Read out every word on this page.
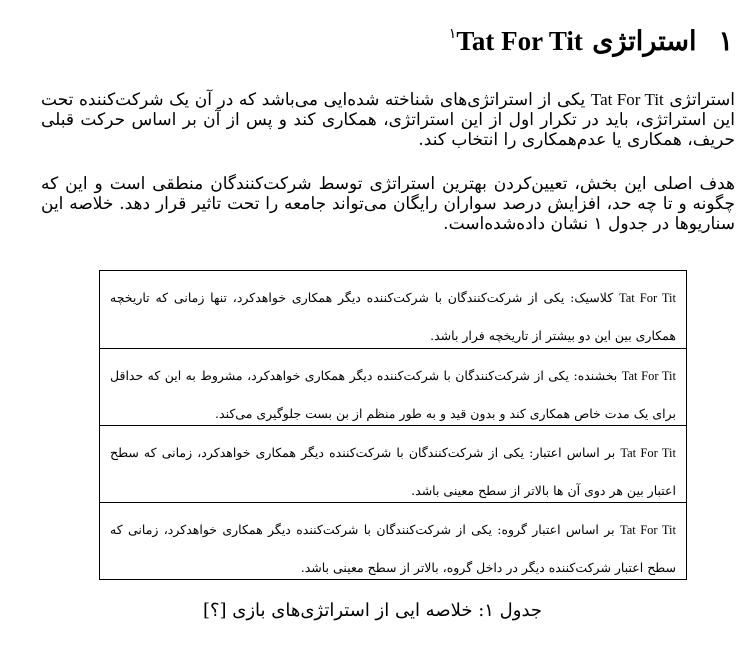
۱استراتژی Tat For Tit$^۱$

استراتژی Tat For Tit یکی از استراتژی‌های شناخته شده‌ایی می‌باشد که در آن یک شرکت‌کننده تحت این استراتژی، باید در تکرار اول از این استراتژی، همکاری کند و پس از آن بر اساس حرکت قبلی حریف، همکاری یا عدم‌همکاری را انتخاب کند.

هدف اصلی این بخش، تعیین‌کردن بهترین استراتژی توسط شرکت‌کنندگان منطقی است و این که چگونه و تا چه حد، افزایش درصد سواران رایگان می‌تواند جامعه را تحت تاثیر قرار دهد. خلاصه این سناریوها در جدول ۱ نشان داده‌شده‌است.

Tat For Tit کلاسیک: یکی از شرکت‌کنندگان با شرکت‌کننده دیگر همکاری خواهدکرد، تنها زمانی که تاریخچه همکاری بین این دو بیشتر از تاریخچه فرار باشد.
Tat For Tit بخشنده: یکی از شرکت‌کنندگان با شرکت‌کننده دیگر همکاری خواهدکرد، مشروط به این که حداقل برای یک مدت خاص همکاری کند و بدون قید و به طور منظم از بن بست جلوگیری می‌کند.
Tat For Tit بر اساس اعتبار: یکی از شرکت‌کنندگان با شرکت‌کننده دیگر همکاری خواهدکرد، زمانی که سطح اعتبار بین هر دوی آن ها بالاتر از سطح معینی باشد.
Tat For Tit بر اساس اعتبار گروه: یکی از شرکت‌کنندگان با شرکت‌کننده دیگر همکاری خواهدکرد، زمانی که سطح اعتبار شرکت‌کننده دیگر در داخل گروه، بالاتر از سطح معینی باشد.
جدول ۱: خلاصه ایی از استراتژی‌های بازی [؟]
